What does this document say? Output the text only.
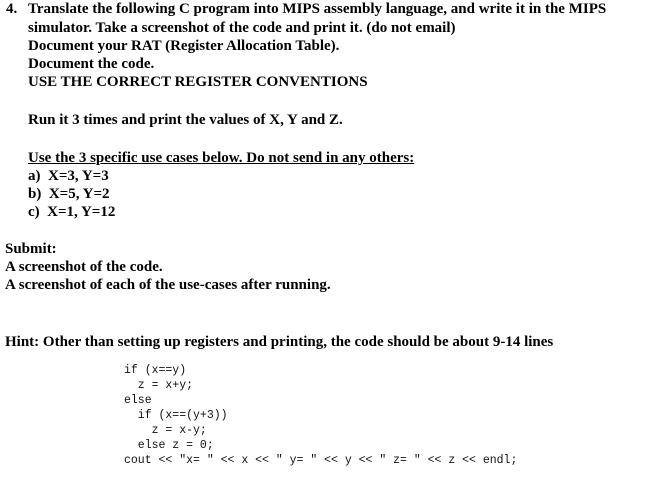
4. Translate the following C program into MIPS assembly language, and write it in the MIPS
simulator. Take a screenshot of the code and print it. (do not email)
Document your RAT (Register Allocation Table).
Document the code.
USE THE CORRECT REGISTER CONVENTIONS
Run it 3 times and print the values of X, Y and Z.
Use the 3 specific use cases below. Do not send in any others:
a)  X=3, Y=3
b)  X=5, Y=2
c)  X=1, Y=12
Submit:
A screenshot of the code.
A screenshot of each of the use-cases after running.
Hint: Other than setting up registers and printing, the code should be about 9-14 lines
if (x==y)
z = x+y;
else
if (x==(y+3))
z = x-y;
else z = 0;
cout << "x= " << x << " y= " << y << " z= " << z << endl;
